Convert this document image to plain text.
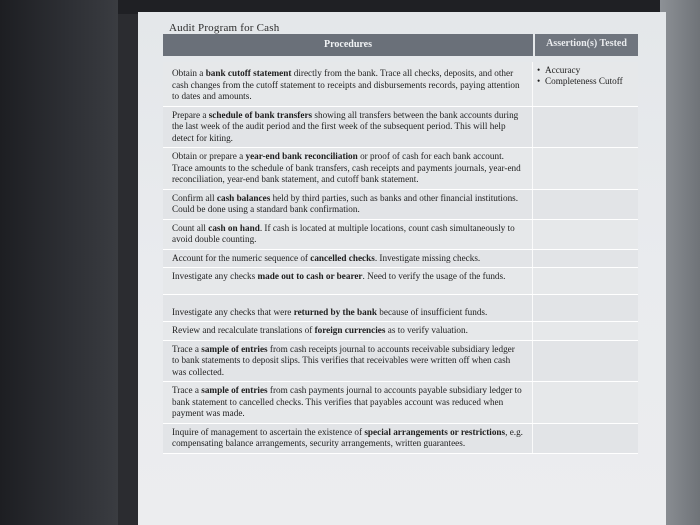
Audit Program for Cash
Procedures	Assertion(s) Tested
Obtain a bank cutoff statement directly from the bank. Trace all checks, deposits, and other cash changes from the cutoff statement to receipts and disbursements records, paying attention to dates and amounts.
• Accuracy
• Completeness Cutoff
Prepare a schedule of bank transfers showing all transfers between the bank accounts during the last week of the audit period and the first week of the subsequent period. This will help detect for kiting.
Obtain or prepare a year-end bank reconciliation or proof of cash for each bank account. Trace amounts to the schedule of bank transfers, cash receipts and payments journals, year-end reconciliation, year-end bank statement, and cutoff bank statement.
Confirm all cash balances held by third parties, such as banks and other financial institutions. Could be done using a standard bank confirmation.
Count all cash on hand. If cash is located at multiple locations, count cash simultaneously to avoid double counting.
Account for the numeric sequence of cancelled checks. Investigate missing checks.
Investigate any checks made out to cash or bearer. Need to verify the usage of the funds.
Investigate any checks that were returned by the bank because of insufficient funds.
Review and recalculate translations of foreign currencies as to verify valuation.
Trace a sample of entries from cash receipts journal to accounts receivable subsidiary ledger to bank statements to deposit slips. This verifies that receivables were written off when cash was collected.
Trace a sample of entries from cash payments journal to accounts payable subsidiary ledger to bank statement to cancelled checks. This verifies that payables account was reduced when payment was made.
Inquire of management to ascertain the existence of special arrangements or restrictions, e.g. compensating balance arrangements, security arrangements, written guarantees.
